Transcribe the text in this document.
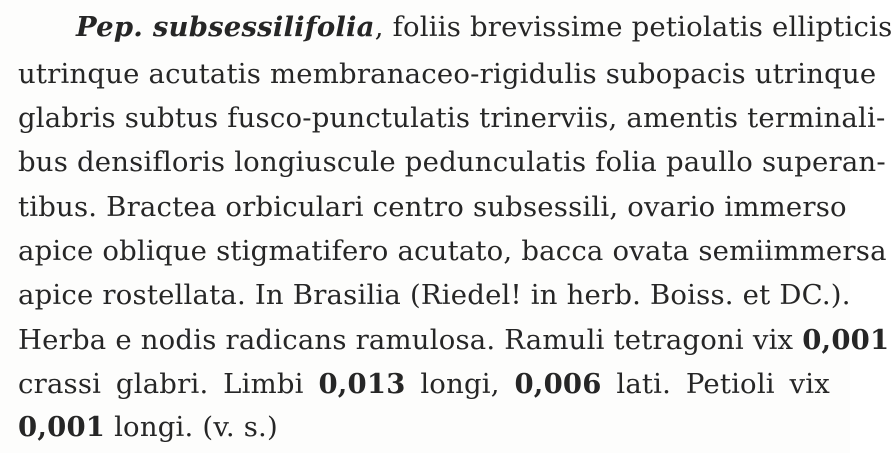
Pep. subsessilifolia, foliis brevissime petiolatis ellipticis
utrinque acutatis membranaceo-rigidulis subopacis utrinque
glabris subtus fusco-punctulatis trinerviis, amentis terminali-
bus densifloris longiuscule pedunculatis folia paullo superan-
tibus. Bractea orbiculari centro subsessili, ovario immerso
apice oblique stigmatifero acutato, bacca ovata semiimmersa
apice rostellata. In Brasilia (Riedel! in herb. Boiss. et DC.).
Herba e nodis radicans ramulosa. Ramuli tetragoni vix 0,001
crassi glabri. Limbi 0,013 longi, 0,006 lati. Petioli vix
0,001 longi. (v. s.)
